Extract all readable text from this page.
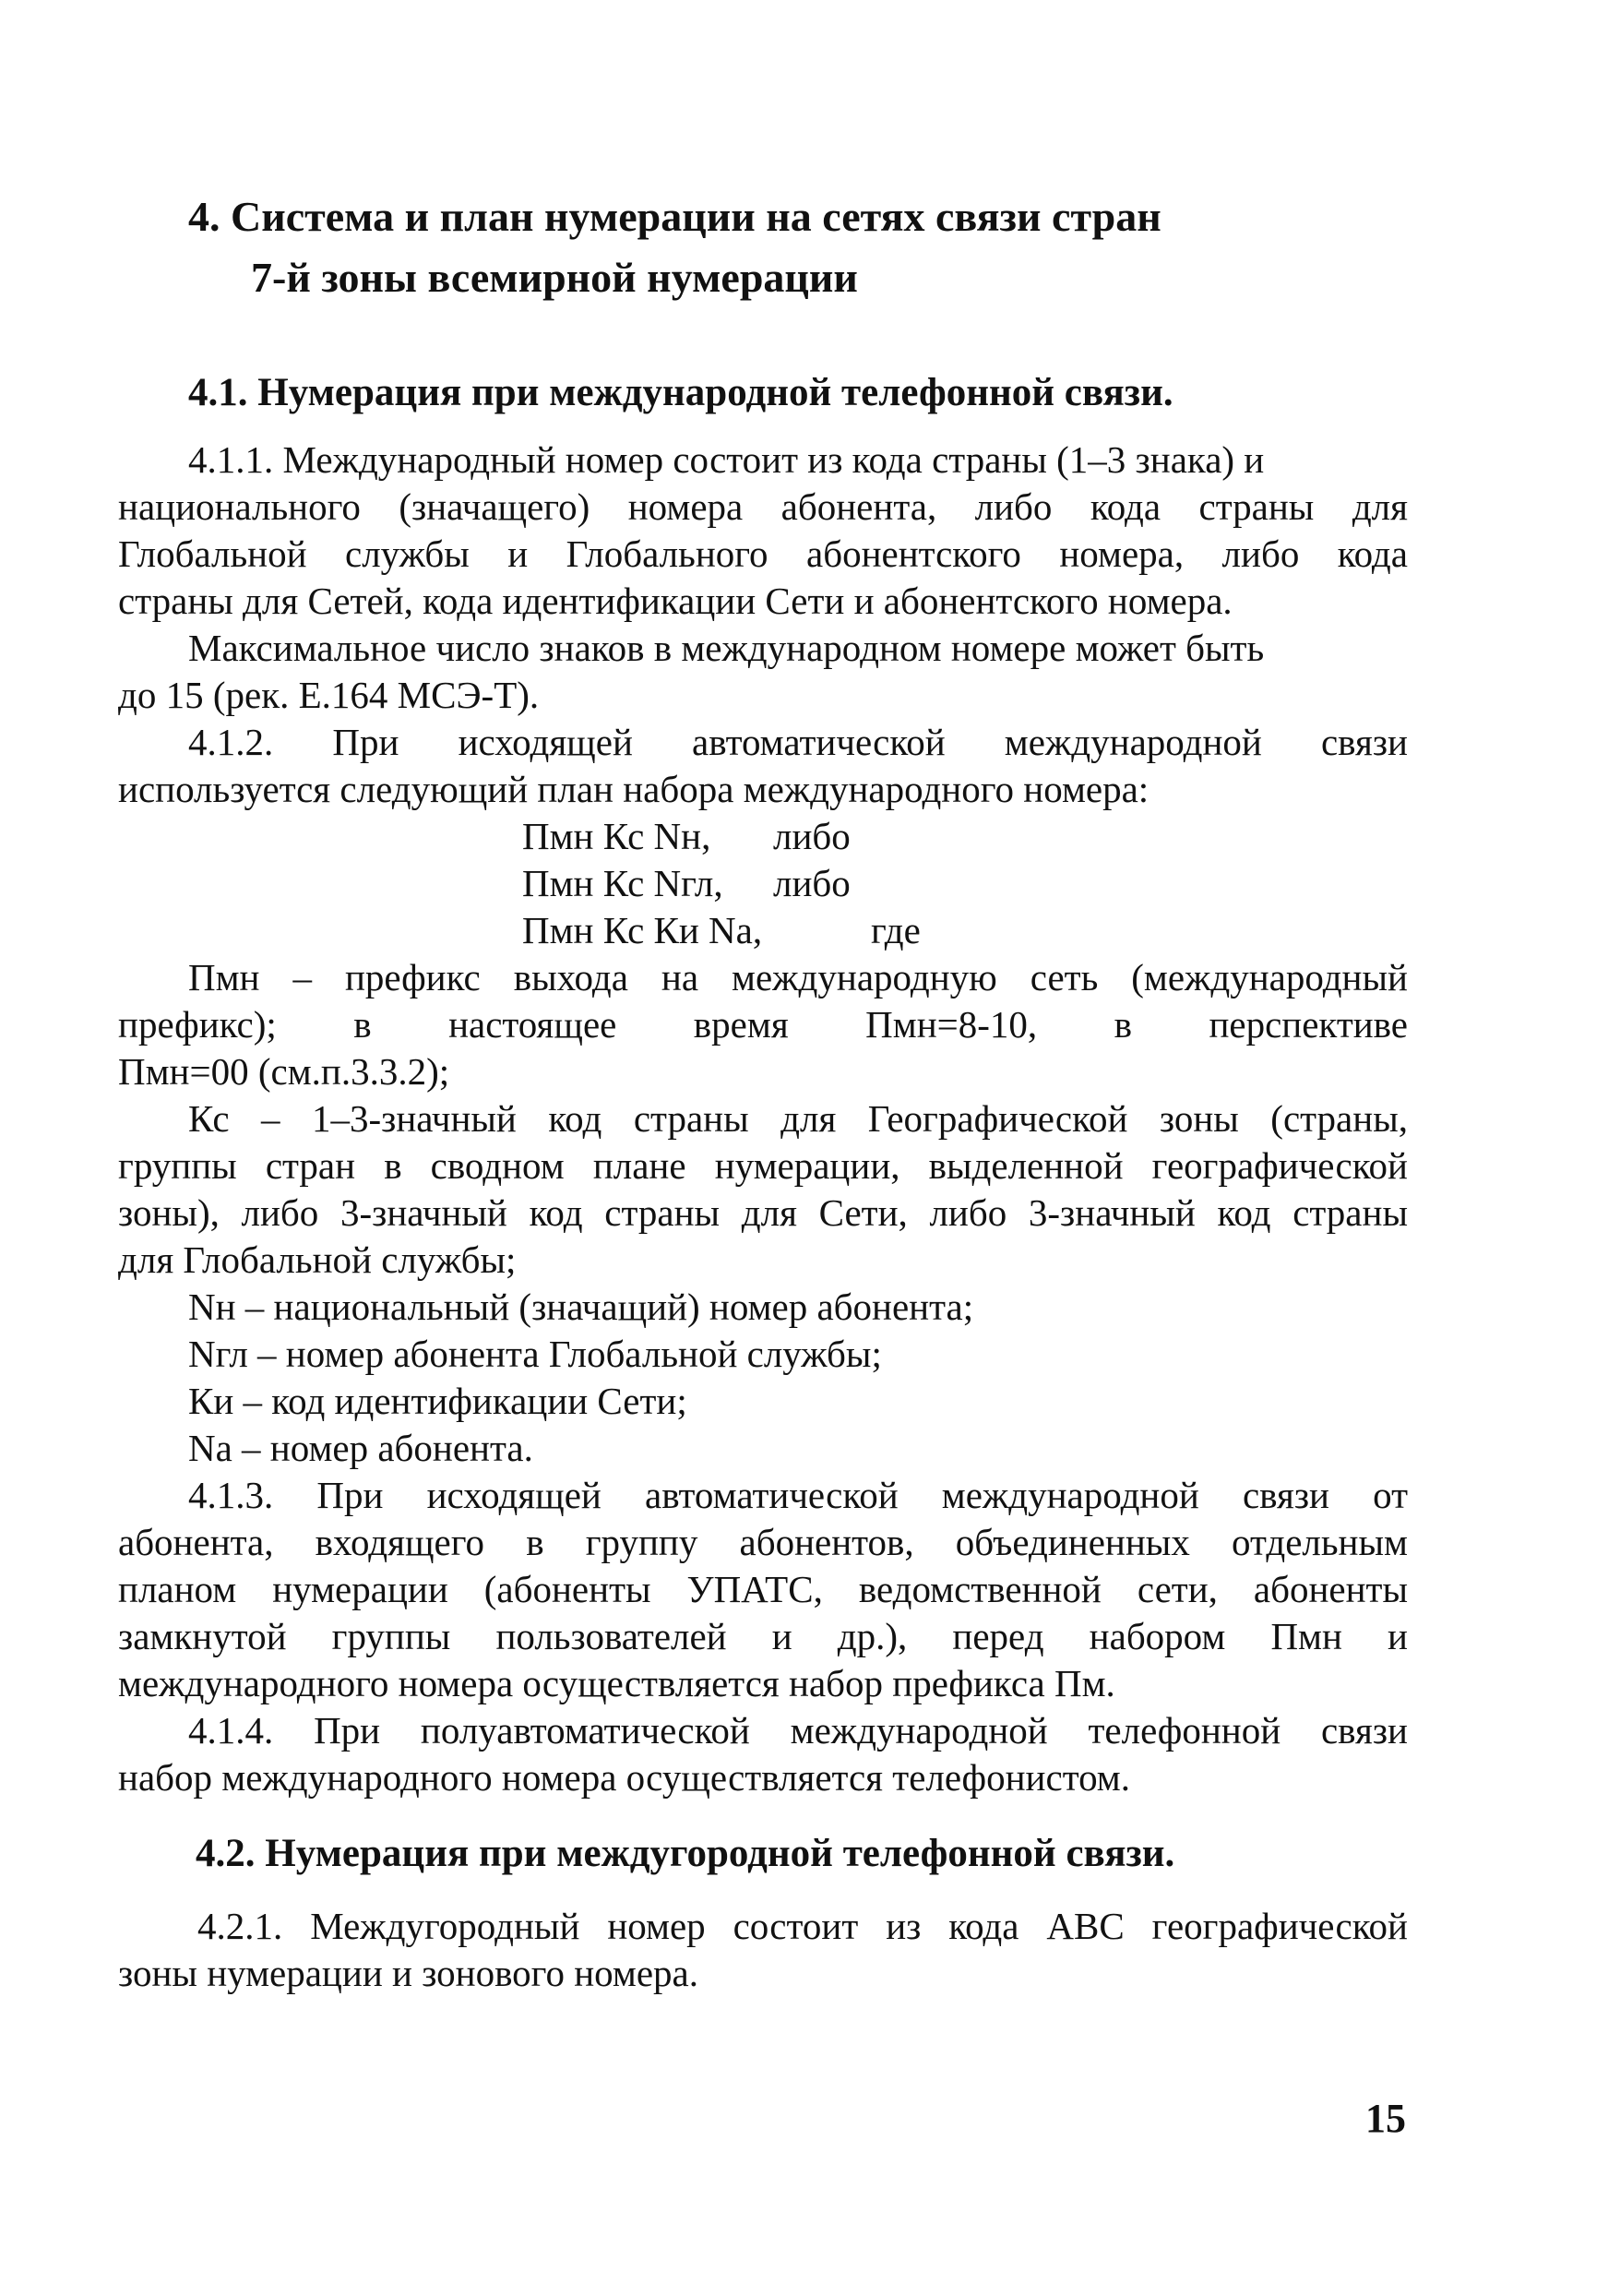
4. Система и план нумерации на сетях связи стран
7-й зоны всемирной нумерации
4.1. Нумерация при международной телефонной связи.
4.1.1. Международный номер состоит из кода страны (1–3 знака) и
национального (значащего) номера абонента, либо кода страны для
Глобальной службы и Глобального абонентского номера, либо кода
страны для Сетей, кода идентификации Сети и абонентского номера.
Максимальное число знаков в международном номере может быть
до 15 (рек. Е.164 МСЭ-Т).
4.1.2. При исходящей автоматической международной связи
используется следующий план набора международного номера:
Пмн Кс Nн, либо
Пмн Кс Nгл, либо
Пмн Кс Ки Nа,	где
Пмн – префикс выхода на международную сеть (международный
префикс); в настоящее время Пмн=8-10, в перспективе
Пмн=00 (см.п.3.3.2);
Кс – 1–3-значный код страны для Географической зоны (страны,
группы стран в сводном плане нумерации, выделенной географической
зоны), либо 3-значный код страны для Сети, либо 3-значный код страны
для Глобальной службы;
Nн – национальный (значащий) номер абонента;
Nгл – номер абонента Глобальной службы;
Ки – код идентификации Сети;
Nа – номер абонента.
4.1.3. При исходящей автоматической международной связи от
абонента, входящего в группу абонентов, объединенных отдельным
планом нумерации (абоненты УПАТС, ведомственной сети, абоненты
замкнутой группы пользователей и др.), перед набором Пмн и
международного номера осуществляется набор префикса Пм.
4.1.4. При полуавтоматической международной телефонной связи
набор международного номера осуществляется телефонистом.
4.2. Нумерация при междугородной телефонной связи.
4.2.1. Междугородный номер состоит из кода АВС географической
зоны нумерации и зонового номера.
15
